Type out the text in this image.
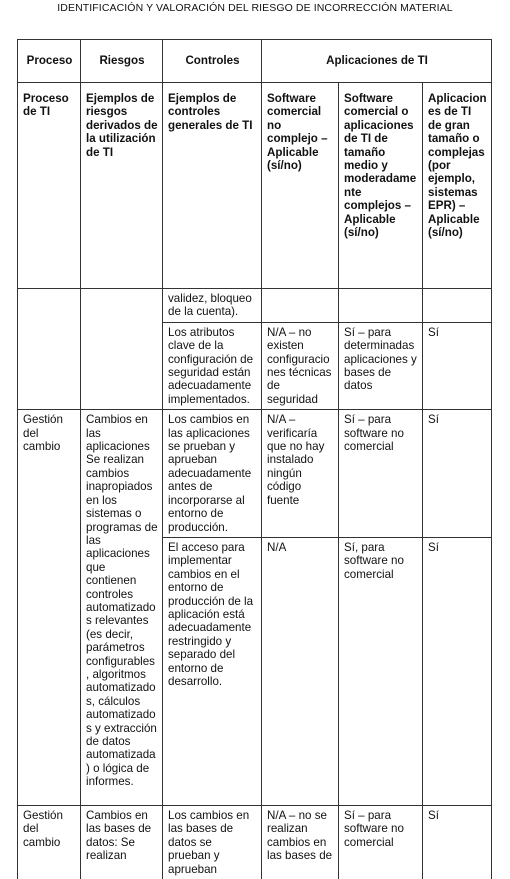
IDENTIFICACIÓN Y VALORACIÓN DEL RIESGO DE INCORRECCIÓN MATERIAL
Proceso	Riesgos	Controles	Aplicaciones de TI		
Proceso de TI	Ejemplos de riesgos derivados de la utilización de TI	Ejemplos de controles generales de TI	Software comercial no complejo – Aplicable (sí/no)	Software comercial o aplicaciones de TI de tamaño medio y moderadamente complejos – Aplicable (sí/no)	Aplicaciones de TI de gran tamaño o complejas (por ejemplo, sistemas EPR) – Aplicable (sí/no)
		validez, bloqueo de la cuenta).			
		Los atributos clave de la configuración de seguridad están adecuadamente implementados.	N/A – no existen configuraciones técnicas de seguridad	Sí – para determinadas aplicaciones y bases de datos	Sí
Gestión del cambio	Cambios en las aplicaciones Se realizan cambios inapropiados en los sistemas o programas de las aplicaciones que contienen controles automatizados relevantes (es decir, parámetros configurables, algoritmos automatizados, cálculos automatizados y extracción de datos automatizada) o lógica de informes.	Los cambios en las aplicaciones se prueban y aprueban adecuadamente antes de incorporarse al entorno de producción.	N/A – verificaría que no hay instalado ningún código fuente	Sí – para software no comercial	Sí
		El acceso para implementar cambios en el entorno de producción de la aplicación está adecuadamente restringido y separado del entorno de desarrollo.	N/A	Sí, para software no comercial	Sí
Gestión del cambio	Cambios en las bases de datos: Se realizan	Los cambios en las bases de datos se prueban y aprueban	N/A – no se realizan cambios en las bases de	Sí – para software no comercial	Sí
